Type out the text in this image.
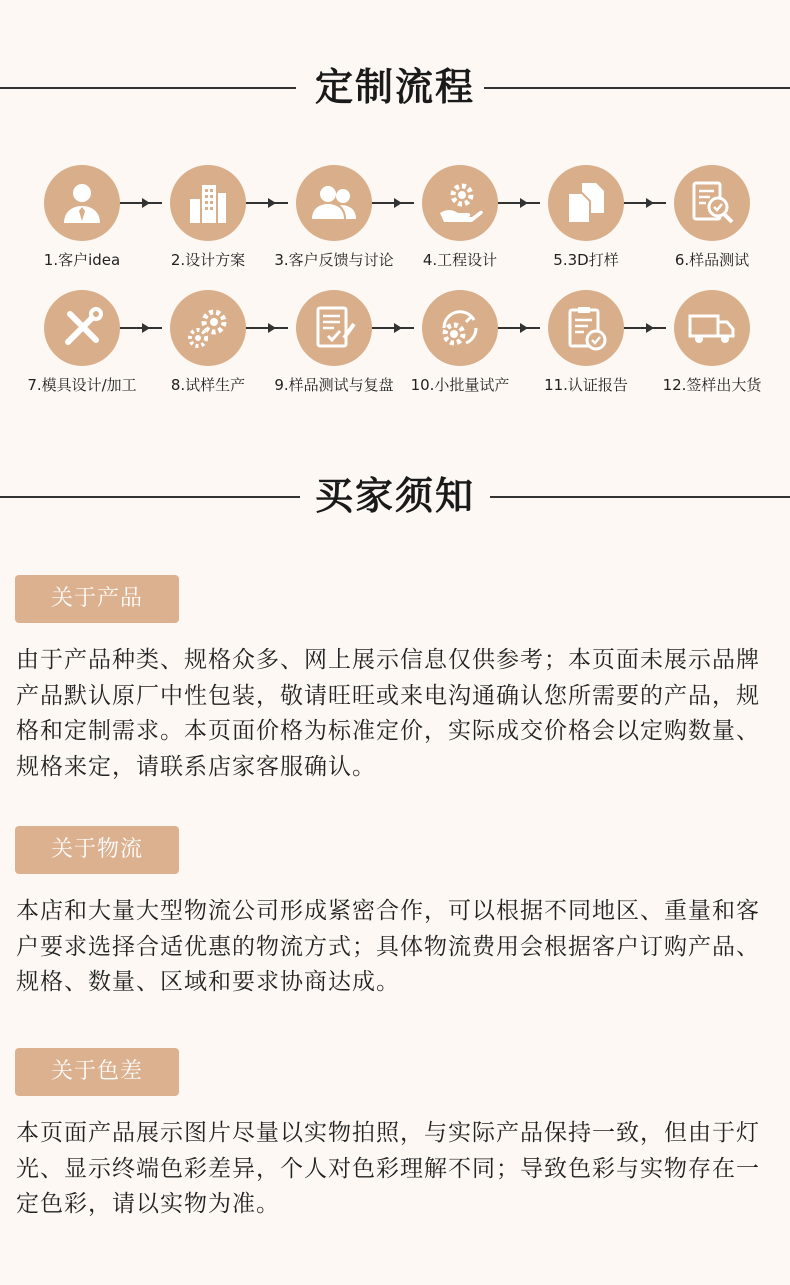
定制流程
1.客户idea	2.设计方案	3.客户反馈与讨论	4.工程设计	5.3D打样	6.样品测试
7.模具设计/加工	8.试样生产	9.样品测试与复盘	10.小批量试产	11.认证报告	12.签样出大货
买家须知
关于产品
由于产品种类、规格众多、网上展示信息仅供参考；本页面未展示品牌产品默认原厂中性包装，敬请旺旺或来电沟通确认您所需要的产品，规格和定制需求。本页面价格为标准定价，实际成交价格会以定购数量、规格来定，请联系店家客服确认。
关于物流
本店和大量大型物流公司形成紧密合作，可以根据不同地区、重量和客户要求选择合适优惠的物流方式；具体物流费用会根据客户订购产品、规格、数量、区域和要求协商达成。
关于色差
本页面产品展示图片尽量以实物拍照，与实际产品保持一致，但由于灯光、显示终端色彩差异，个人对色彩理解不同；导致色彩与实物存在一定色彩，请以实物为准。
